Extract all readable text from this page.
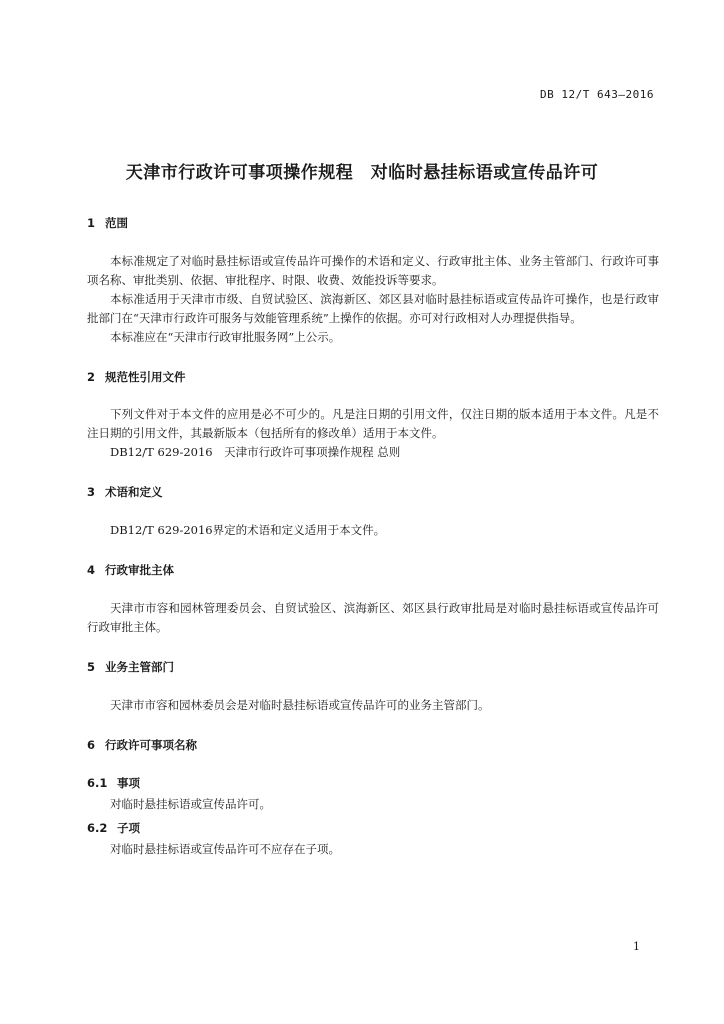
DB 12/T 643—2016
天津市行政许可事项操作规程　对临时悬挂标语或宣传品许可
1 范围

本标准规定了对临时悬挂标语或宣传品许可操作的术语和定义、行政审批主体、业务主管部门、行政许可事项名称、审批类别、依据、审批程序、时限、收费、效能投诉等要求。

本标准适用于天津市市级、自贸试验区、滨海新区、郊区县对临时悬挂标语或宣传品许可操作，也是行政审批部门在“天津市行政许可服务与效能管理系统”上操作的依据。亦可对行政相对人办理提供指导。

本标准应在“天津市行政审批服务网”上公示。

2 规范性引用文件

下列文件对于本文件的应用是必不可少的。凡是注日期的引用文件，仅注日期的版本适用于本文件。凡是不注日期的引用文件，其最新版本（包括所有的修改单）适用于本文件。

DB12/T 629-2016　天津市行政许可事项操作规程 总则

3 术语和定义

DB12/T 629-2016界定的术语和定义适用于本文件。

4 行政审批主体

天津市市容和园林管理委员会、自贸试验区、滨海新区、郊区县行政审批局是对临时悬挂标语或宣传品许可行政审批主体。

5 业务主管部门

天津市市容和园林委员会是对临时悬挂标语或宣传品许可的业务主管部门。

6 行政许可事项名称
6.1 事项

对临时悬挂标语或宣传品许可。

6.2 子项

对临时悬挂标语或宣传品许可不应存在子项。

1
